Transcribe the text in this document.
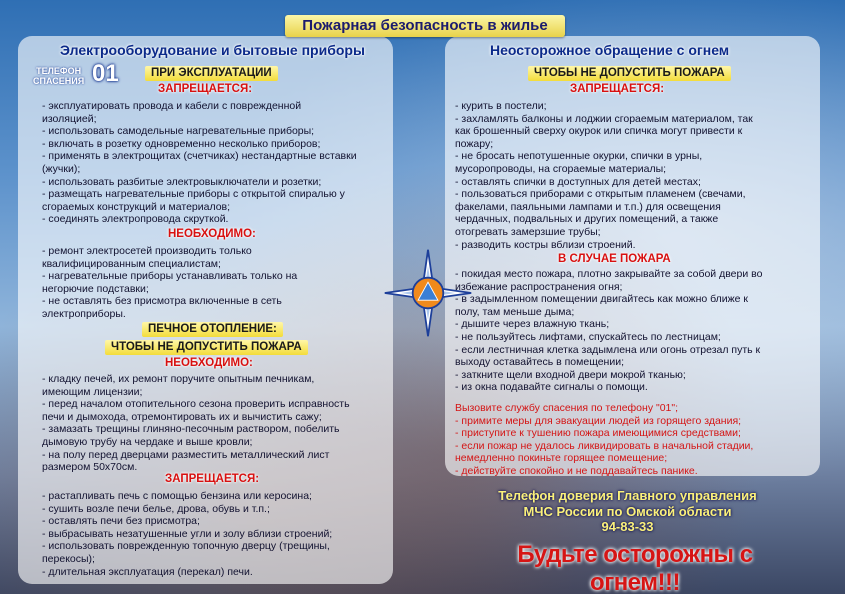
Пожарная безопасность в жилье
Электрооборудование и бытовые приборы
ТЕЛЕФОН
СПАСЕНИЯ 01	ПРИ ЭКСПЛУАТАЦИИ
ЗАПРЕЩАЕТСЯ:
- эксплуатировать провода и кабели с поврежденной
изоляцией;
- использовать самодельные нагревательные приборы;
- включать в розетку одновременно несколько приборов;
- применять в электрощитах (счетчиках) нестандартные вставки
(жучки);
- использовать разбитые электровыключатели и розетки;
- размещать нагревательные приборы с открытой спиралью у
сгораемых конструкций и материалов;
- соединять электропровода скруткой.
НЕОБХОДИМО:
- ремонт электросетей производить только
квалифицированным специалистам;
- нагревательные приборы устанавливать только на
негорючие подставки;
- не оставлять без присмотра включенные в сеть
электроприборы.
ПЕЧНОЕ ОТОПЛЕНИЕ:
ЧТОБЫ НЕ ДОПУСТИТЬ ПОЖАРА
НЕОБХОДИМО:
- кладку печей, их ремонт поручите опытным печникам,
имеющим лицензии;
- перед началом отопительного сезона проверить исправность
печи и дымохода, отремонтировать их и вычистить сажу;
- замазать трещины глиняно-песочным раствором, побелить
дымовую трубу на чердаке и выше кровли;
- на полу перед дверцами разместить металлический лист
размером 50х70см.
ЗАПРЕЩАЕТСЯ:
- растапливать печь с помощью бензина или керосина;
- сушить возле печи белье, дрова, обувь и т.п.;
- оставлять печи без присмотра;
- выбрасывать незатушенные угли и золу вблизи строений;
- использовать поврежденную топочную дверцу (трещины,
перекосы);
- длительная эксплуатация (перекал) печи.
Неосторожное обращение с огнем
ЧТОБЫ НЕ ДОПУСТИТЬ ПОЖАРА
ЗАПРЕЩАЕТСЯ:
- курить в постели;
- захламлять балконы и лоджии сгораемым материалом, так
как брошенный сверху окурок или спичка могут привести к
пожару;
- не бросать непотушенные окурки, спички в урны,
мусоропроводы, на сгораемые материалы;
- оставлять спички в доступных для детей местах;
- пользоваться приборами с открытым пламенем (свечами,
факелами, паяльными лампами и т.п.) для освещения
чердачных, подвальных и других помещений, а также
отогревать замерзшие трубы;
- разводить костры вблизи строений.
В СЛУЧАЕ ПОЖАРА
- покидая место пожара, плотно закрывайте за собой двери во
избежание распространения огня;
- в задымленном помещении двигайтесь как можно ближе к
полу, там меньше дыма;
- дышите через влажную ткань;
- не пользуйтесь лифтами, спускайтесь по лестницам;
- если лестничная клетка задымлена или огонь отрезал путь к
выходу оставайтесь в помещении;
- заткните щели входной двери мокрой тканью;
- из окна подавайте сигналы о помощи.
Вызовите службу спасения по телефону "01";
- примите меры для эвакуации людей из горящего здания;
- приступите к тушению пожара имеющимися средствами;
- если пожар не удалось ликвидировать в начальной стадии,
немедленно покиньте горящее помещение;
- действуйте спокойно и не поддавайтесь панике.
Телефон доверия Главного управления
МЧС России по Омской области
94-83-33
Будьте осторожны с огнем!!!
